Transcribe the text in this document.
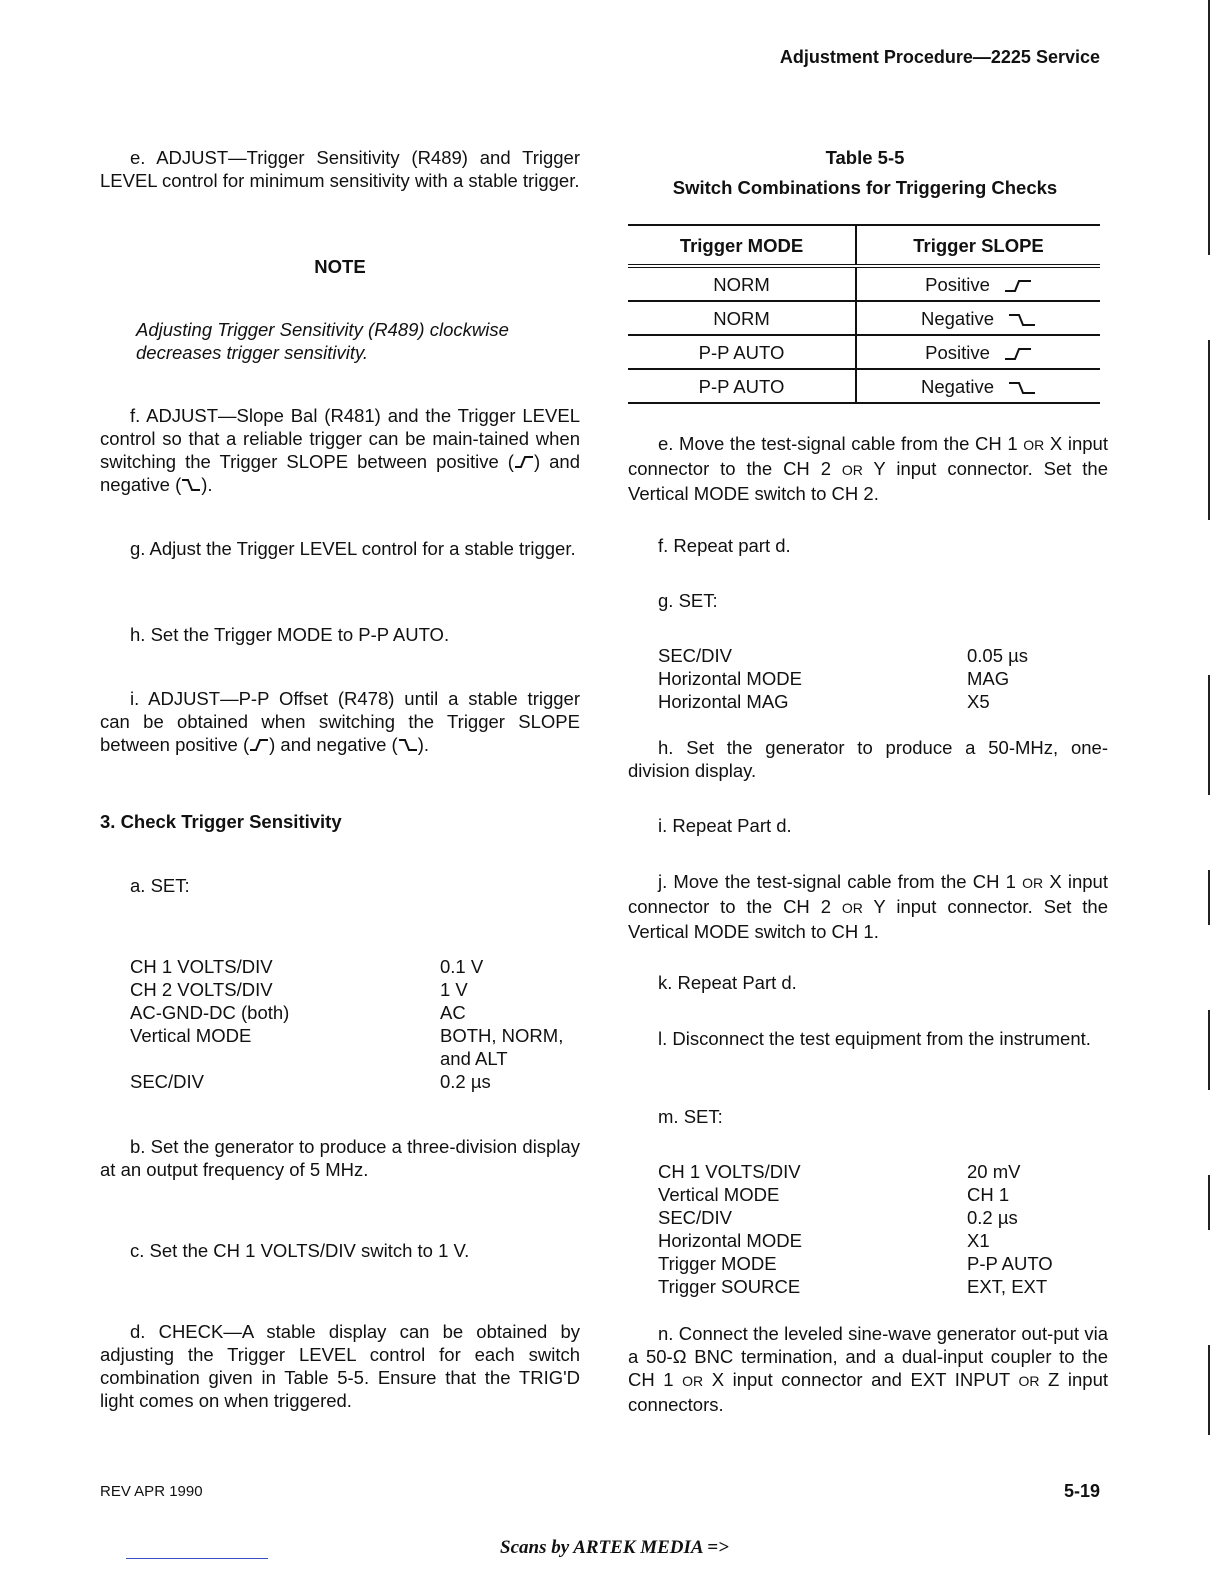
Adjustment Procedure—2225 Service

e. ADJUST—Trigger Sensitivity (R489) and Trigger LEVEL control for minimum sensitivity with a stable trigger.

NOTE

Adjusting Trigger Sensitivity (R489) clockwise decreases trigger sensitivity.

f. ADJUST—Slope Bal (R481) and the Trigger LEVEL control so that a reliable trigger can be main-tained when switching the Trigger SLOPE between positive ( ) and negative ( ).

g. Adjust the Trigger LEVEL control for a stable trigger.

h. Set the Trigger MODE to P-P AUTO.

i. ADJUST—P-P Offset (R478) until a stable trigger can be obtained when switching the Trigger SLOPE between positive ( ) and negative ( ).

3. Check Trigger Sensitivity

a. SET:

CH 1 VOLTS/DIV	0.1 V
CH 2 VOLTS/DIV	1 V
AC-GND-DC (both)	AC
Vertical MODE	BOTH, NORM,
and ALT
SEC/DIV	0.2 µs

b. Set the generator to produce a three-division display at an output frequency of 5 MHz.

c. Set the CH 1 VOLTS/DIV switch to 1 V.

d. CHECK—A stable display can be obtained by adjusting the Trigger LEVEL control for each switch combination given in Table 5-5. Ensure that the TRIG'D light comes on when triggered.

Table 5-5
Switch Combinations for Triggering Checks
Trigger MODE	Trigger SLOPE
NORM	Positive
NORM	Negative
P-P AUTO	Positive
P-P AUTO	Negative

e. Move the test-signal cable from the CH 1 OR X input connector to the CH 2 OR Y input connector. Set the Vertical MODE switch to CH 2.

f. Repeat part d.

g. SET:

SEC/DIV	0.05 µs
Horizontal MODE	MAG
Horizontal MAG	X5

h. Set the generator to produce a 50-MHz, one-division display.

i. Repeat Part d.

j. Move the test-signal cable from the CH 1 OR X input connector to the CH 2 OR Y input connector. Set the Vertical MODE switch to CH 1.

k. Repeat Part d.

l. Disconnect the test equipment from the instrument.

m. SET:

CH 1 VOLTS/DIV	20 mV
Vertical MODE	CH 1
SEC/DIV	0.2 µs
Horizontal MODE	X1
Trigger MODE	P-P AUTO
Trigger SOURCE	EXT, EXT

n. Connect the leveled sine-wave generator out-put via a 50-Ω BNC termination, and a dual-input coupler to the CH 1 OR X input connector and EXT INPUT OR Z input connectors.

REV APR 1990	5-19
Scans by ARTEK MEDIA =>
